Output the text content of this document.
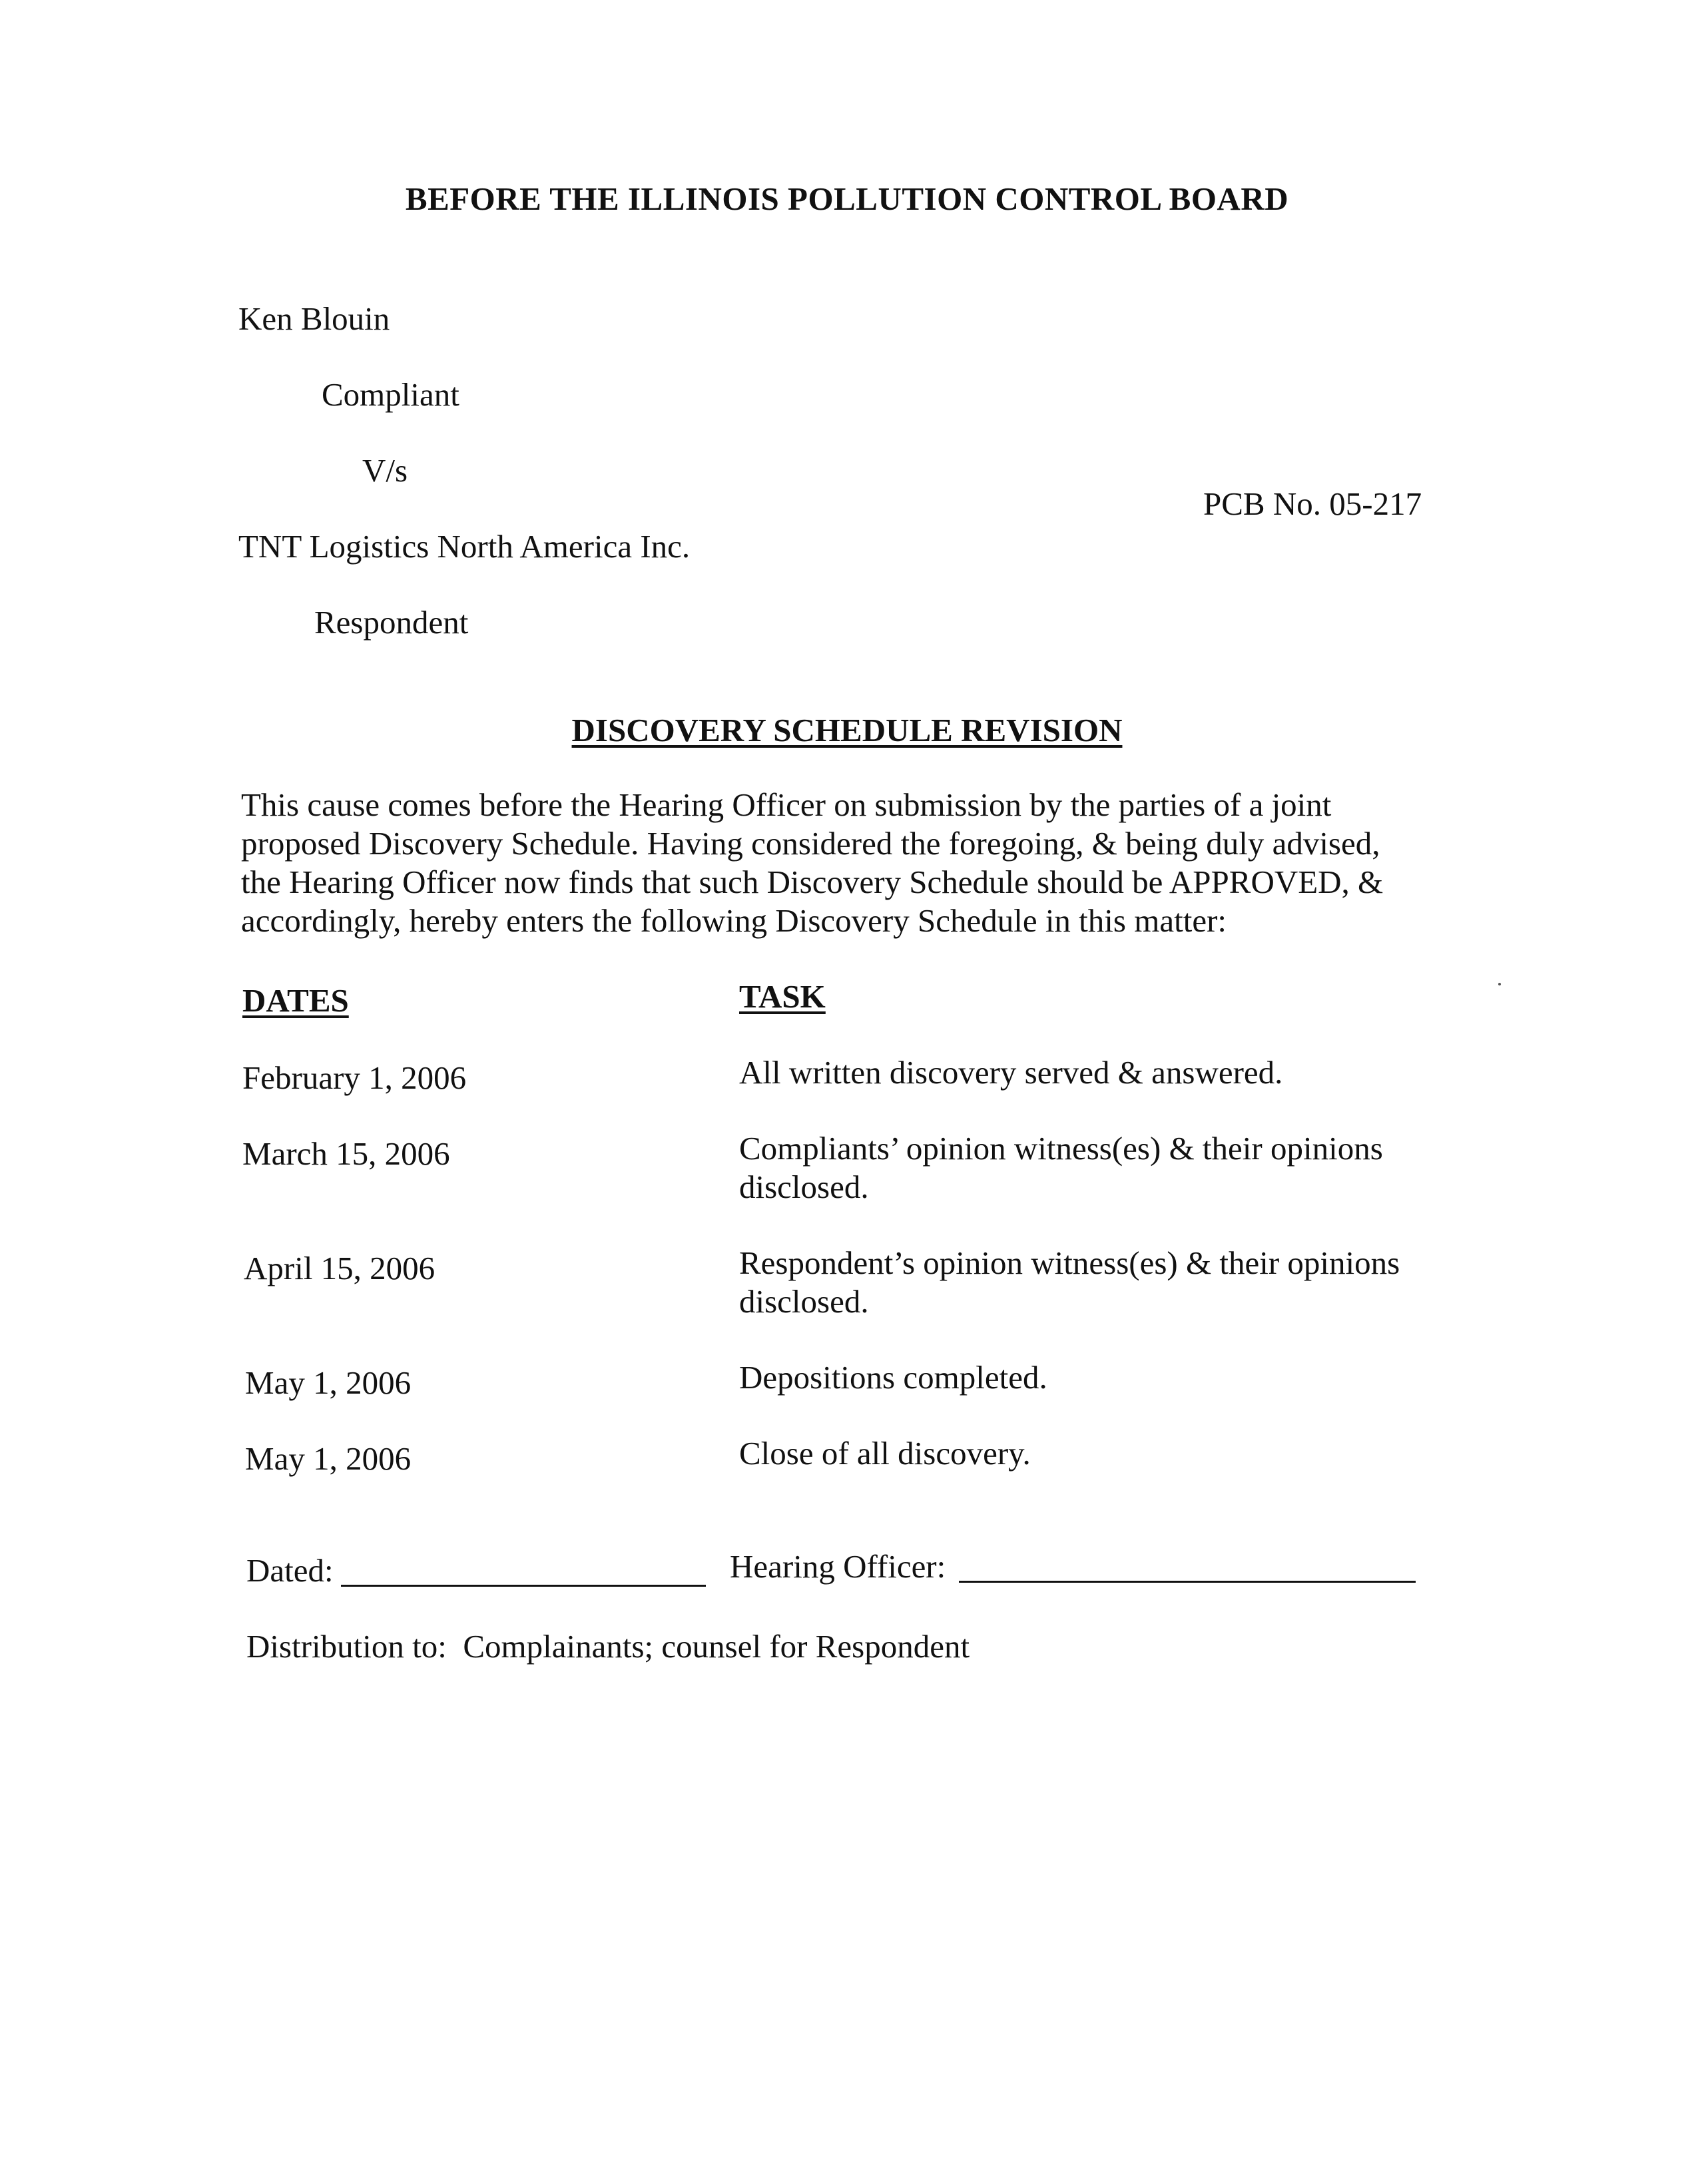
BEFORE THE ILLINOIS POLLUTION CONTROL BOARD
Ken Blouin
Compliant
V/s
PCB No. 05-217
TNT Logistics North America Inc.
Respondent
DISCOVERY SCHEDULE REVISION
This cause comes before the Hearing Officer on submission by the parties of a joint
proposed Discovery Schedule. Having considered the foregoing, & being duly advised,
the Hearing Officer now finds that such Discovery Schedule should be APPROVED, &
accordingly, hereby enters the following Discovery Schedule in this matter:
DATES	TASK
February 1, 2006	All written discovery served & answered.
March 15, 2006	Compliants’ opinion witness(es) & their opinions
disclosed.
April 15, 2006	Respondent’s opinion witness(es) & their opinions
disclosed.
May 1, 2006	Depositions completed.
May 1, 2006	Close of all discovery.
Dated:	Hearing Officer:
Distribution to: Complainants; counsel for Respondent
